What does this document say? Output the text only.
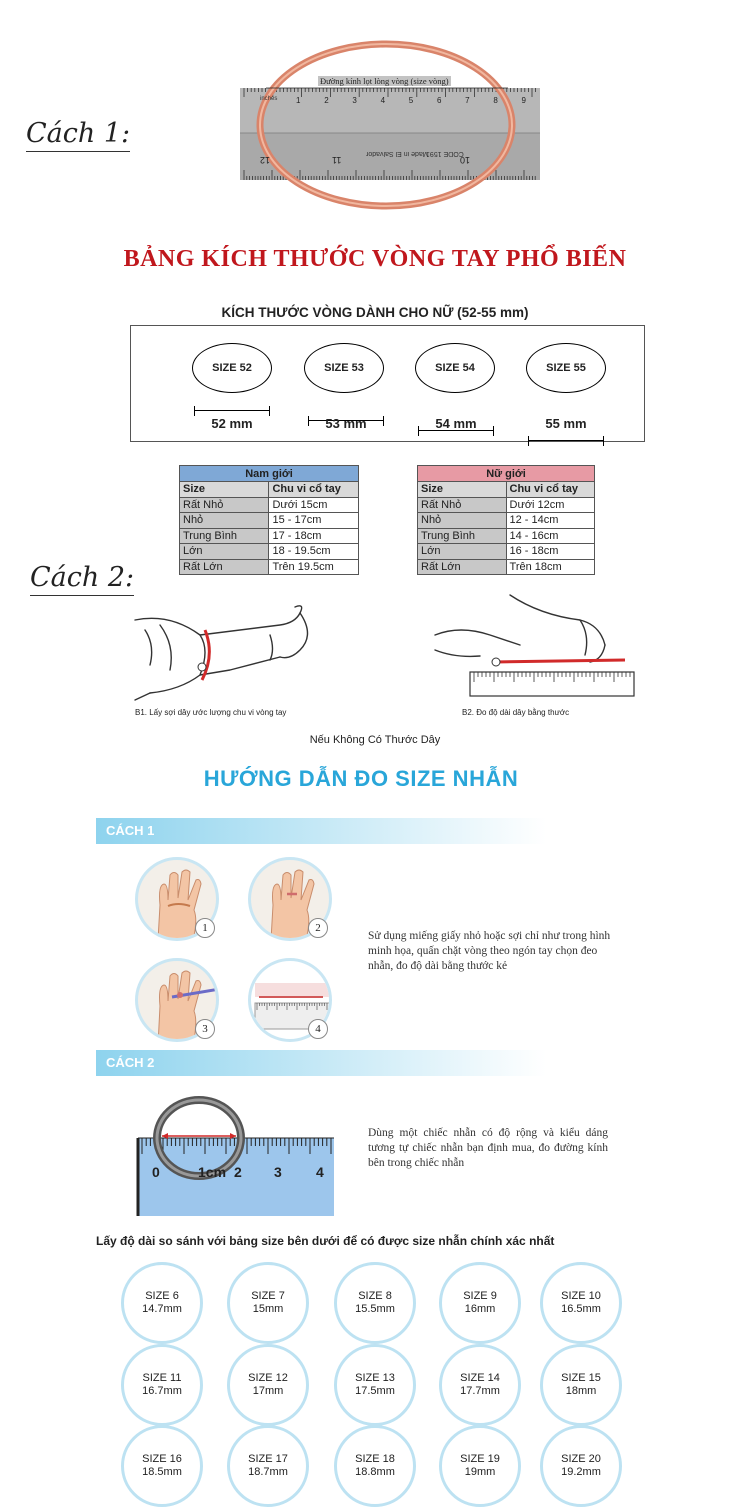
Cách 1:
Đường kính lọt lòng vòng (size vòng)
inches 1	2	3	4	5	6	7	8	9
Made in El Salvador
CODE 1591
12	11	10
BẢNG KÍCH THƯỚC VÒNG TAY PHỔ BIẾN
KÍCH THƯỚC VÒNG DÀNH CHO NỮ (52-55 mm)
SIZE 52	SIZE 53	SIZE 54	SIZE 55
52 mm	53 mm	54 mm	55 mm
Nam giới	
Size	Chu vi cổ tay
Rất Nhỏ	Dưới 15cm
Nhỏ	15 - 17cm
Trung Bình	17 - 18cm
Lớn	18 - 19.5cm
Rất Lớn	Trên 19.5cm
Nữ giới	
Size	Chu vi cổ tay
Rất Nhỏ	Dưới 12cm
Nhỏ	12 - 14cm
Trung Bình	14 - 16cm
Lớn	16 - 18cm
Rất Lớn	Trên 18cm
Cách 2:
B1. Lấy sợi dây ước lượng chu vi vòng tay	B2. Đo độ dài dây bằng thước
Nếu Không Có Thước Dây
HƯỚNG DẪN ĐO SIZE NHẪN
CÁCH 1
1	2
3	4
Sử dụng miếng giấy nhỏ hoặc sợi chỉ như trong hình minh họa, quấn chặt vòng theo ngón tay chọn đeo nhẫn, đo độ dài bằng thước kẻ
CÁCH 2
0	1cm 2 3 4
Dùng một chiếc nhẫn có độ rộng và kiểu dáng tương tự chiếc nhẫn bạn định mua, đo đường kính bên trong chiếc nhẫn
Lấy độ dài so sánh với bảng size bên dưới để có được size nhẫn chính xác nhất
SIZE 6
14.7mm
SIZE 7
15mm
SIZE 8
15.5mm
SIZE 9
16mm
SIZE 10
16.5mm
SIZE 11
16.7mm
SIZE 12
17mm
SIZE 13
17.5mm
SIZE 14
17.7mm
SIZE 15
18mm
SIZE 16
18.5mm
SIZE 17
18.7mm
SIZE 18
18.8mm
SIZE 19
19mm
SIZE 20
19.2mm
